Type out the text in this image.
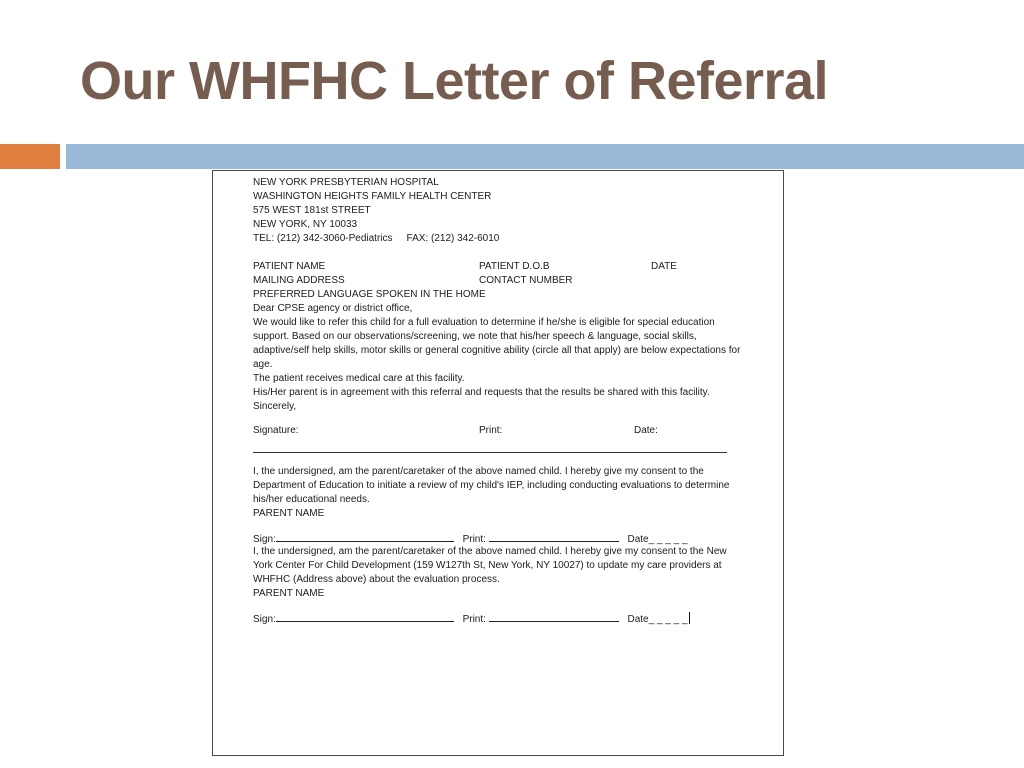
Our WHFHC Letter of Referral

NEW YORK PRESBYTERIAN HOSPITAL

WASHINGTON HEIGHTS FAMILY HEALTH CENTER

575 WEST 181st STREET

NEW YORK, NY 10033

TEL: (212) 342-3060-Pediatrics FAX: (212) 342-6010

PATIENT NAME	PATIENT D.O.B	DATE
MAILING ADDRESS	CONTACT NUMBER
PREFERRED LANGUAGE SPOKEN IN THE HOME

Dear CPSE agency or district office,

We would like to refer this child for a full evaluation to determine if he/she is eligible for special education support. Based on our observations/screening, we note that his/her speech & language, social skills, adaptive/self help skills, motor skills or general cognitive ability (circle all that apply) are below expectations for age.

The patient receives medical care at this facility.

His/Her parent is in agreement with this referral and requests that the results be shared with this facility.

Sincerely,

Signature:	Print:	Date:

I, the undersigned, am the parent/caretaker of the above named child. I hereby give my consent to the Department of Education to initiate a review of my child's IEP, including conducting evaluations to determine his/her educational needs.

PARENT NAME

Sign:	Print:	Date_ _ _ _ _

I, the undersigned, am the parent/caretaker of the above named child. I hereby give my consent to the New York Center For Child Development (159 W127th St, New York, NY 10027) to update my care providers at WHFHC (Address above) about the evaluation process.

PARENT NAME

Sign:	Print:	Date_ _ _ _ _
